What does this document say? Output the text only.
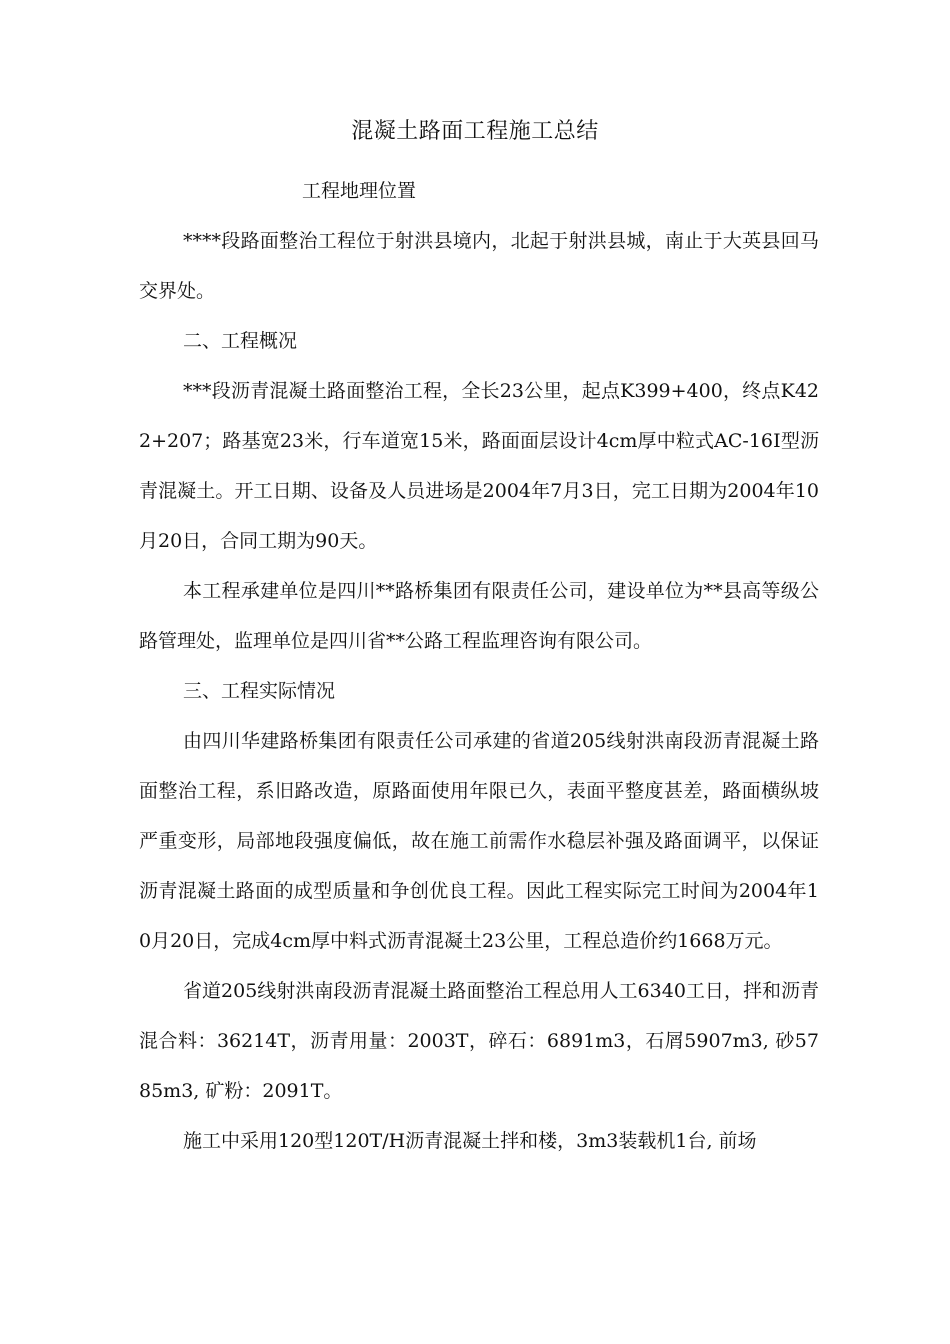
混凝土路面工程施工总结
工程地理位置

****段路面整治工程位于射洪县境内，北起于射洪县城，南止于大英县回马交界处。

二、工程概况

***段沥青混凝土路面整治工程，全长23公里，起点K399+400，终点K422+207；路基宽23米，行车道宽15米，路面面层设计4cm厚中粒式AC-16Ⅰ型沥青混凝土。开工日期、设备及人员进场是2004年7月3日，完工日期为2004年10月20日，合同工期为90天。

本工程承建单位是四川**路桥集团有限责任公司，建设单位为**县高等级公路管理处，监理单位是四川省**公路工程监理咨询有限公司。

三、工程实际情况

由四川华建路桥集团有限责任公司承建的省道205线射洪南段沥青混凝土路面整治工程，系旧路改造，原路面使用年限已久，表面平整度甚差，路面横纵坡严重变形，局部地段强度偏低，故在施工前需作水稳层补强及路面调平，以保证沥青混凝土路面的成型质量和争创优良工程。因此工程实际完工时间为2004年10月20日，完成4cm厚中料式沥青混凝土23公里，工程总造价约1668万元。

省道205线射洪南段沥青混凝土路面整治工程总用人工6340工日，拌和沥青混合料：36214T，沥青用量：2003T，碎石：6891m3，石屑5907m3, 砂5785m3, 矿粉：2091T。

施工中采用120型120T/H沥青混凝土拌和楼，3m3装载机1台, 前场
